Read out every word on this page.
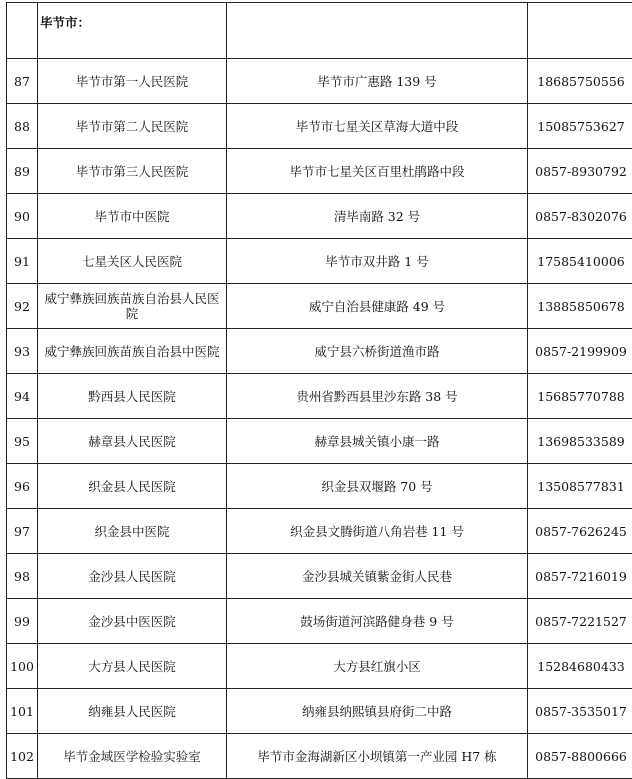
	毕节市：		
87	毕节市第一人民医院	毕节市广惠路 139 号	18685750556
88	毕节市第二人民医院	毕节市七星关区草海大道中段	15085753627
89	毕节市第三人民医院	毕节市七星关区百里杜鹃路中段	0857-8930792
90	毕节市中医院	清毕南路 32 号	0857-8302076
91	七星关区人民医院	毕节市双井路 1 号	17585410006
92	威宁彝族回族苗族自治县人民医院	威宁自治县健康路 49 号	13885850678
93	威宁彝族回族苗族自治县中医院	威宁县六桥街道渔市路	0857-2199909
94	黔西县人民医院	贵州省黔西县里沙东路 38 号	15685770788
95	赫章县人民医院	赫章县城关镇小康一路	13698533589
96	织金县人民医院	织金县双堰路 70 号	13508577831
97	织金县中医院	织金县文腾街道八角岩巷 11 号	0857-7626245
98	金沙县人民医院	金沙县城关镇紫金街人民巷	0857-7216019
99	金沙县中医医院	鼓场街道河滨路健身巷 9 号	0857-7221527
100	大方县人民医院	大方县红旗小区	15284680433
101	纳雍县人民医院	纳雍县纳熙镇县府街二中路	0857-3535017
102	毕节金域医学检验实验室	毕节市金海湖新区小坝镇第一产业园 H7 栋	0857-8800666
